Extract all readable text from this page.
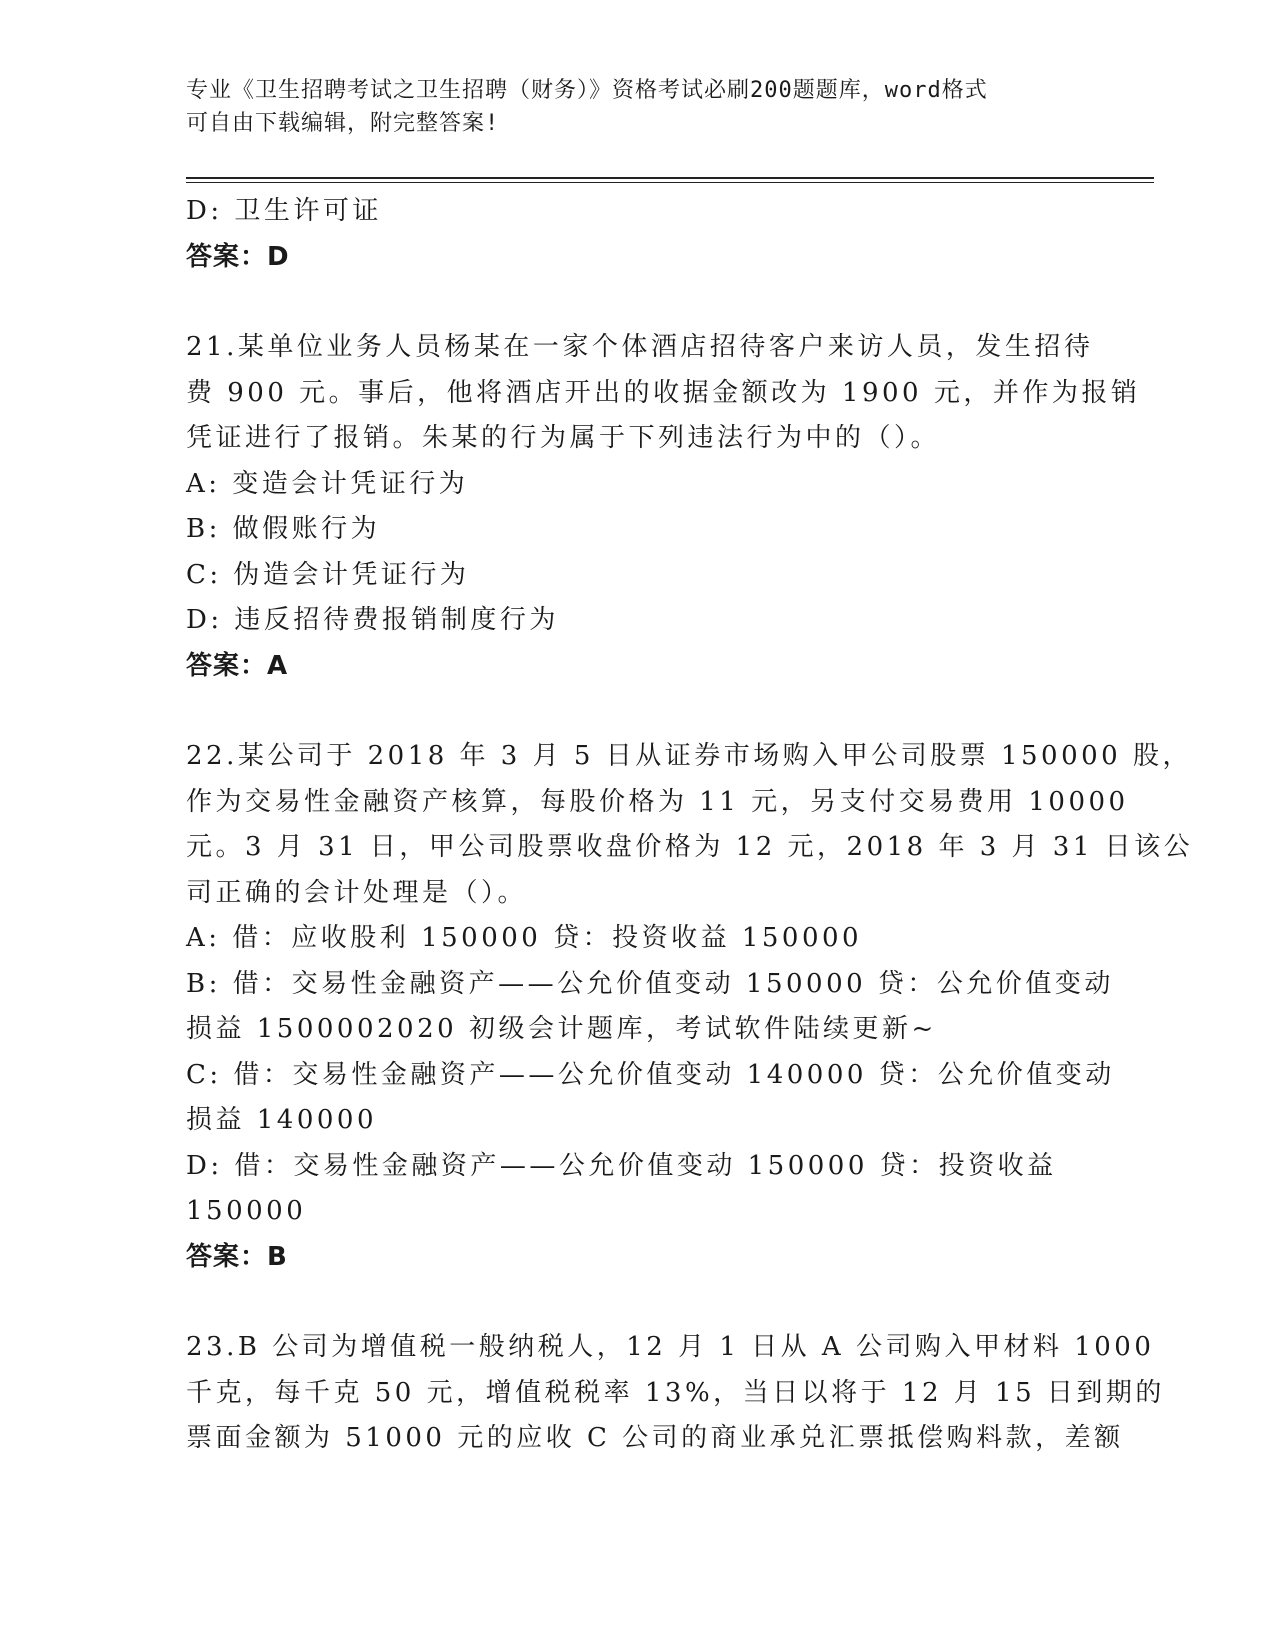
专业《卫生招聘考试之卫生招聘（财务）》资格考试必刷200题题库，word格式
可自由下载编辑，附完整答案!
D: 卫生许可证
答案：D
21.某单位业务人员杨某在一家个体酒店招待客户来访人员，发生招待
费 900 元。事后，他将酒店开出的收据金额改为 1900 元，并作为报销
凭证进行了报销。朱某的行为属于下列违法行为中的（）。
A: 变造会计凭证行为
B: 做假账行为
C: 伪造会计凭证行为
D: 违反招待费报销制度行为
答案：A
22.某公司于 2018 年 3 月 5 日从证券市场购入甲公司股票 150000 股，
作为交易性金融资产核算，每股价格为 11 元，另支付交易费用 10000
元。3 月 31 日，甲公司股票收盘价格为 12 元，2018 年 3 月 31 日该公
司正确的会计处理是（）。
A: 借：应收股利 150000 贷：投资收益 150000
B: 借：交易性金融资产——公允价值变动 150000 贷：公允价值变动
损益 1500002020 初级会计题库，考试软件陆续更新~
C: 借：交易性金融资产——公允价值变动 140000 贷：公允价值变动
损益 140000
D: 借：交易性金融资产——公允价值变动 150000 贷：投资收益
150000
答案：B
23.B 公司为增值税一般纳税人，12 月 1 日从 A 公司购入甲材料 1000
千克，每千克 50 元，增值税税率 13%，当日以将于 12 月 15 日到期的
票面金额为 51000 元的应收 C 公司的商业承兑汇票抵偿购料款，差额
